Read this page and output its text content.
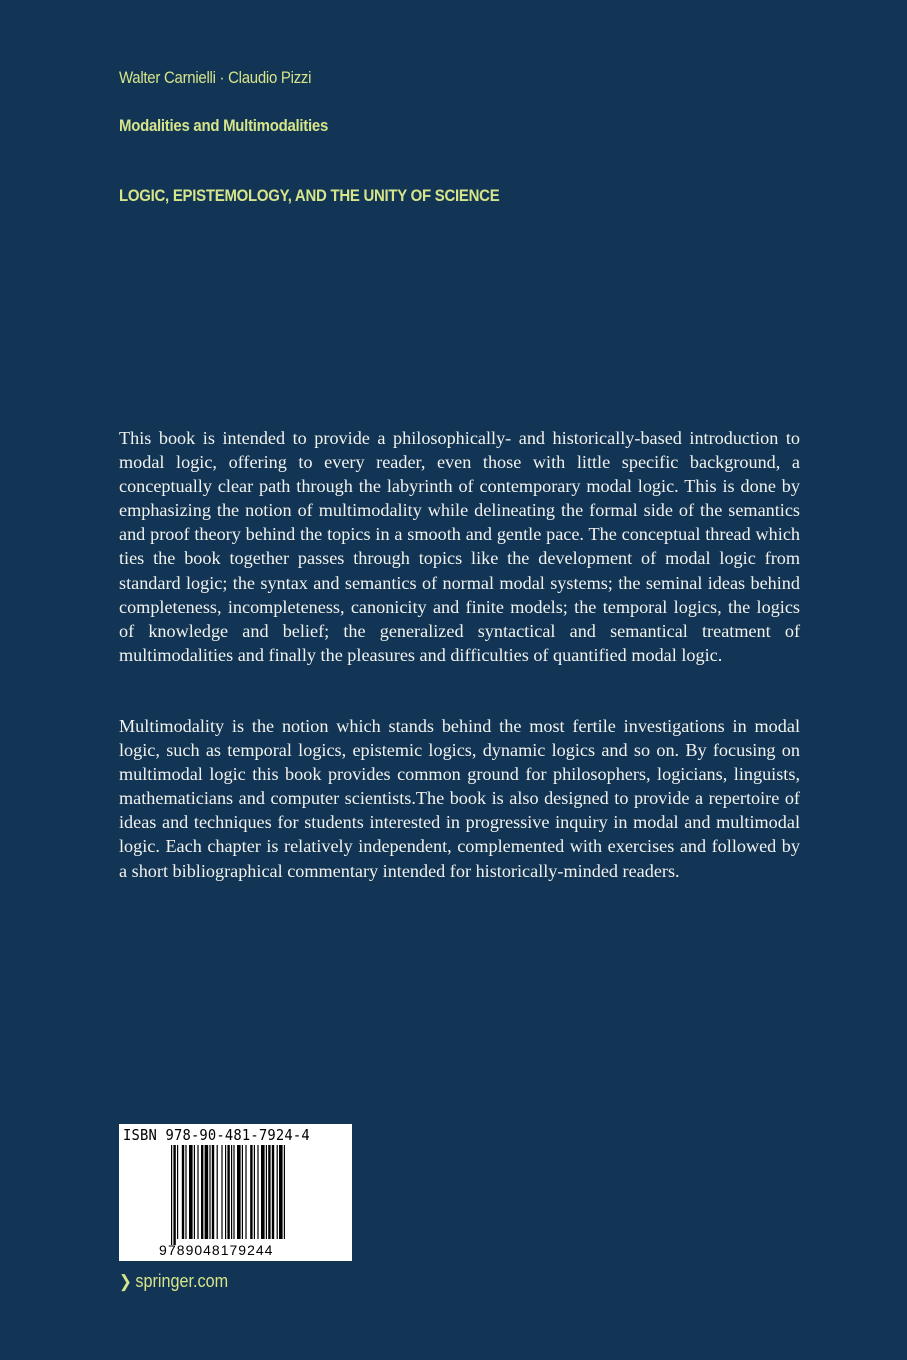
Walter Carnielli · Claudio Pizzi
Modalities and Multimodalities
LOGIC, EPISTEMOLOGY, AND THE UNITY OF SCIENCE

This book is intended to provide a philosophically- and historically-based introduction to modal logic, offering to every reader, even those with little specific background, a conceptually clear path through the labyrinth of contemporary modal logic. This is done by emphasizing the notion of multimodality while delineating the formal side of the semantics and proof theory behind the topics in a smooth and gentle pace. The conceptual thread which ties the book together passes through topics like the development of modal logic from standard logic; the syntax and semantics of normal modal systems; the seminal ideas behind completeness, incompleteness, canonicity and finite models; the temporal logics, the logics of knowledge and belief; the generalized syntactical and semantical treatment of multimodalities and finally the pleasures and difficulties of quantified modal logic.

Multimodality is the notion which stands behind the most fertile investigations in modal logic, such as temporal logics, epistemic logics, dynamic logics and so on. By focusing on multimodal logic this book provides common ground for philosophers, logicians, linguists, mathematicians and computer scientists.The book is also designed to provide a repertoire of ideas and techniques for students interested in progressive inquiry in modal and multimodal logic. Each chapter is relatively independent, complemented with exercises and followed by a short bibliographical commentary intended for historically-minded readers.

ISBN 978-90-481-7924-4
9 789048179244
❯ springer.com
